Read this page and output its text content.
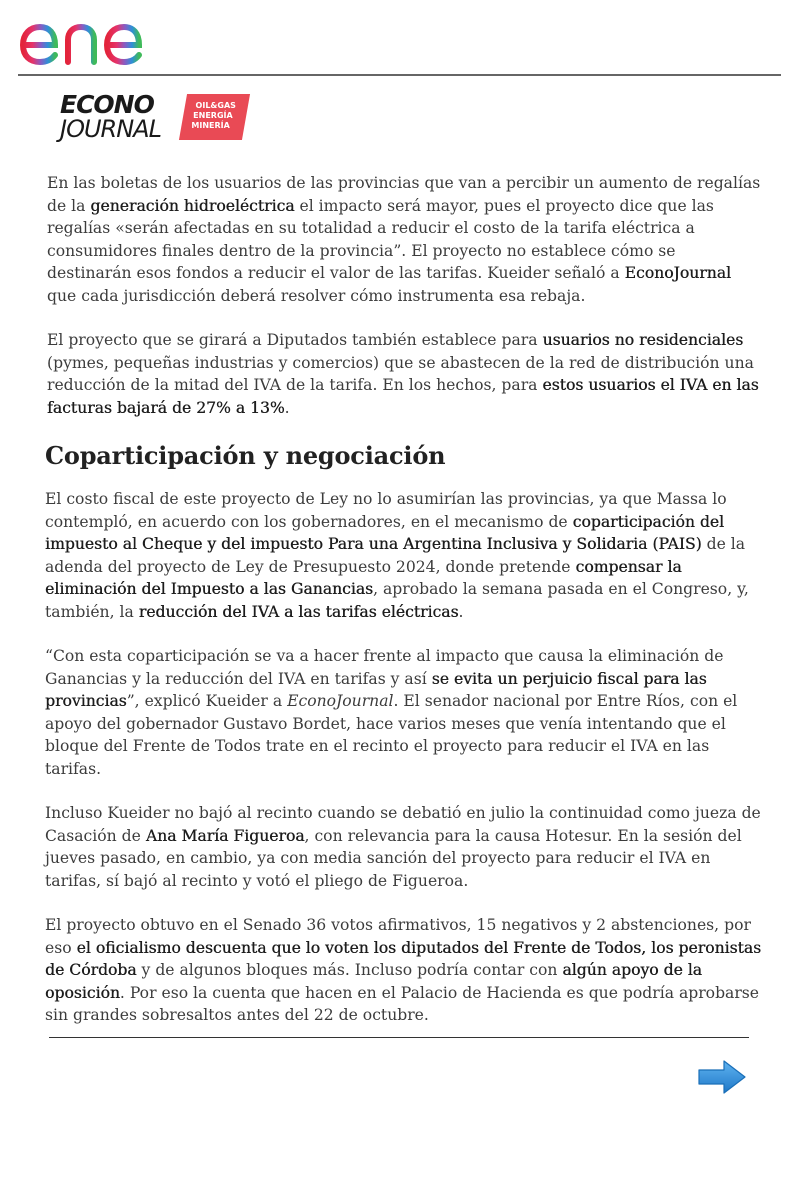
ECONO
JOURNAL
OIL&GAS
ENERGÍA
MINERÍA

En las boletas de los usuarios de las provincias que van a percibir un aumento de regalías de la generación hidroeléctrica el impacto será mayor, pues el proyecto dice que las regalías «serán afectadas en su totalidad a reducir el costo de la tarifa eléctrica a consumidores finales dentro de la provincia”. El proyecto no establece cómo se destinarán esos fondos a reducir el valor de las tarifas. Kueider señaló a EconoJournal que cada jurisdicción deberá resolver cómo instrumenta esa rebaja.

El proyecto que se girará a Diputados también establece para usuarios no residenciales (pymes, pequeñas industrias y comercios) que se abastecen de la red de distribución una reducción de la mitad del IVA de la tarifa. En los hechos, para estos usuarios el IVA en las facturas bajará de 27% a 13%.

Coparticipación y negociación

El costo fiscal de este proyecto de Ley no lo asumirían las provincias, ya que Massa lo contempló, en acuerdo con los gobernadores, en el mecanismo de coparticipación del impuesto al Cheque y del impuesto Para una Argentina Inclusiva y Solidaria (PAIS) de la adenda del proyecto de Ley de Presupuesto 2024, donde pretende compensar la eliminación del Impuesto a las Ganancias, aprobado la semana pasada en el Congreso, y, también, la reducción del IVA a las tarifas eléctricas.

“Con esta coparticipación se va a hacer frente al impacto que causa la eliminación de Ganancias y la reducción del IVA en tarifas y así se evita un perjuicio fiscal para las provincias”, explicó Kueider a EconoJournal. El senador nacional por Entre Ríos, con el apoyo del gobernador Gustavo Bordet, hace varios meses que venía intentando que el bloque del Frente de Todos trate en el recinto el proyecto para reducir el IVA en las tarifas.

Incluso Kueider no bajó al recinto cuando se debatió en julio la continuidad como jueza de Casación de Ana María Figueroa, con relevancia para la causa Hotesur. En la sesión del jueves pasado, en cambio, ya con media sanción del proyecto para reducir el IVA en tarifas, sí bajó al recinto y votó el pliego de Figueroa.

El proyecto obtuvo en el Senado 36 votos afirmativos, 15 negativos y 2 abstenciones, por eso el oficialismo descuenta que lo voten los diputados del Frente de Todos, los peronistas de Córdoba y de algunos bloques más. Incluso podría contar con algún apoyo de la oposición. Por eso la cuenta que hacen en el Palacio de Hacienda es que podría aprobarse sin grandes sobresaltos antes del 22 de octubre.
